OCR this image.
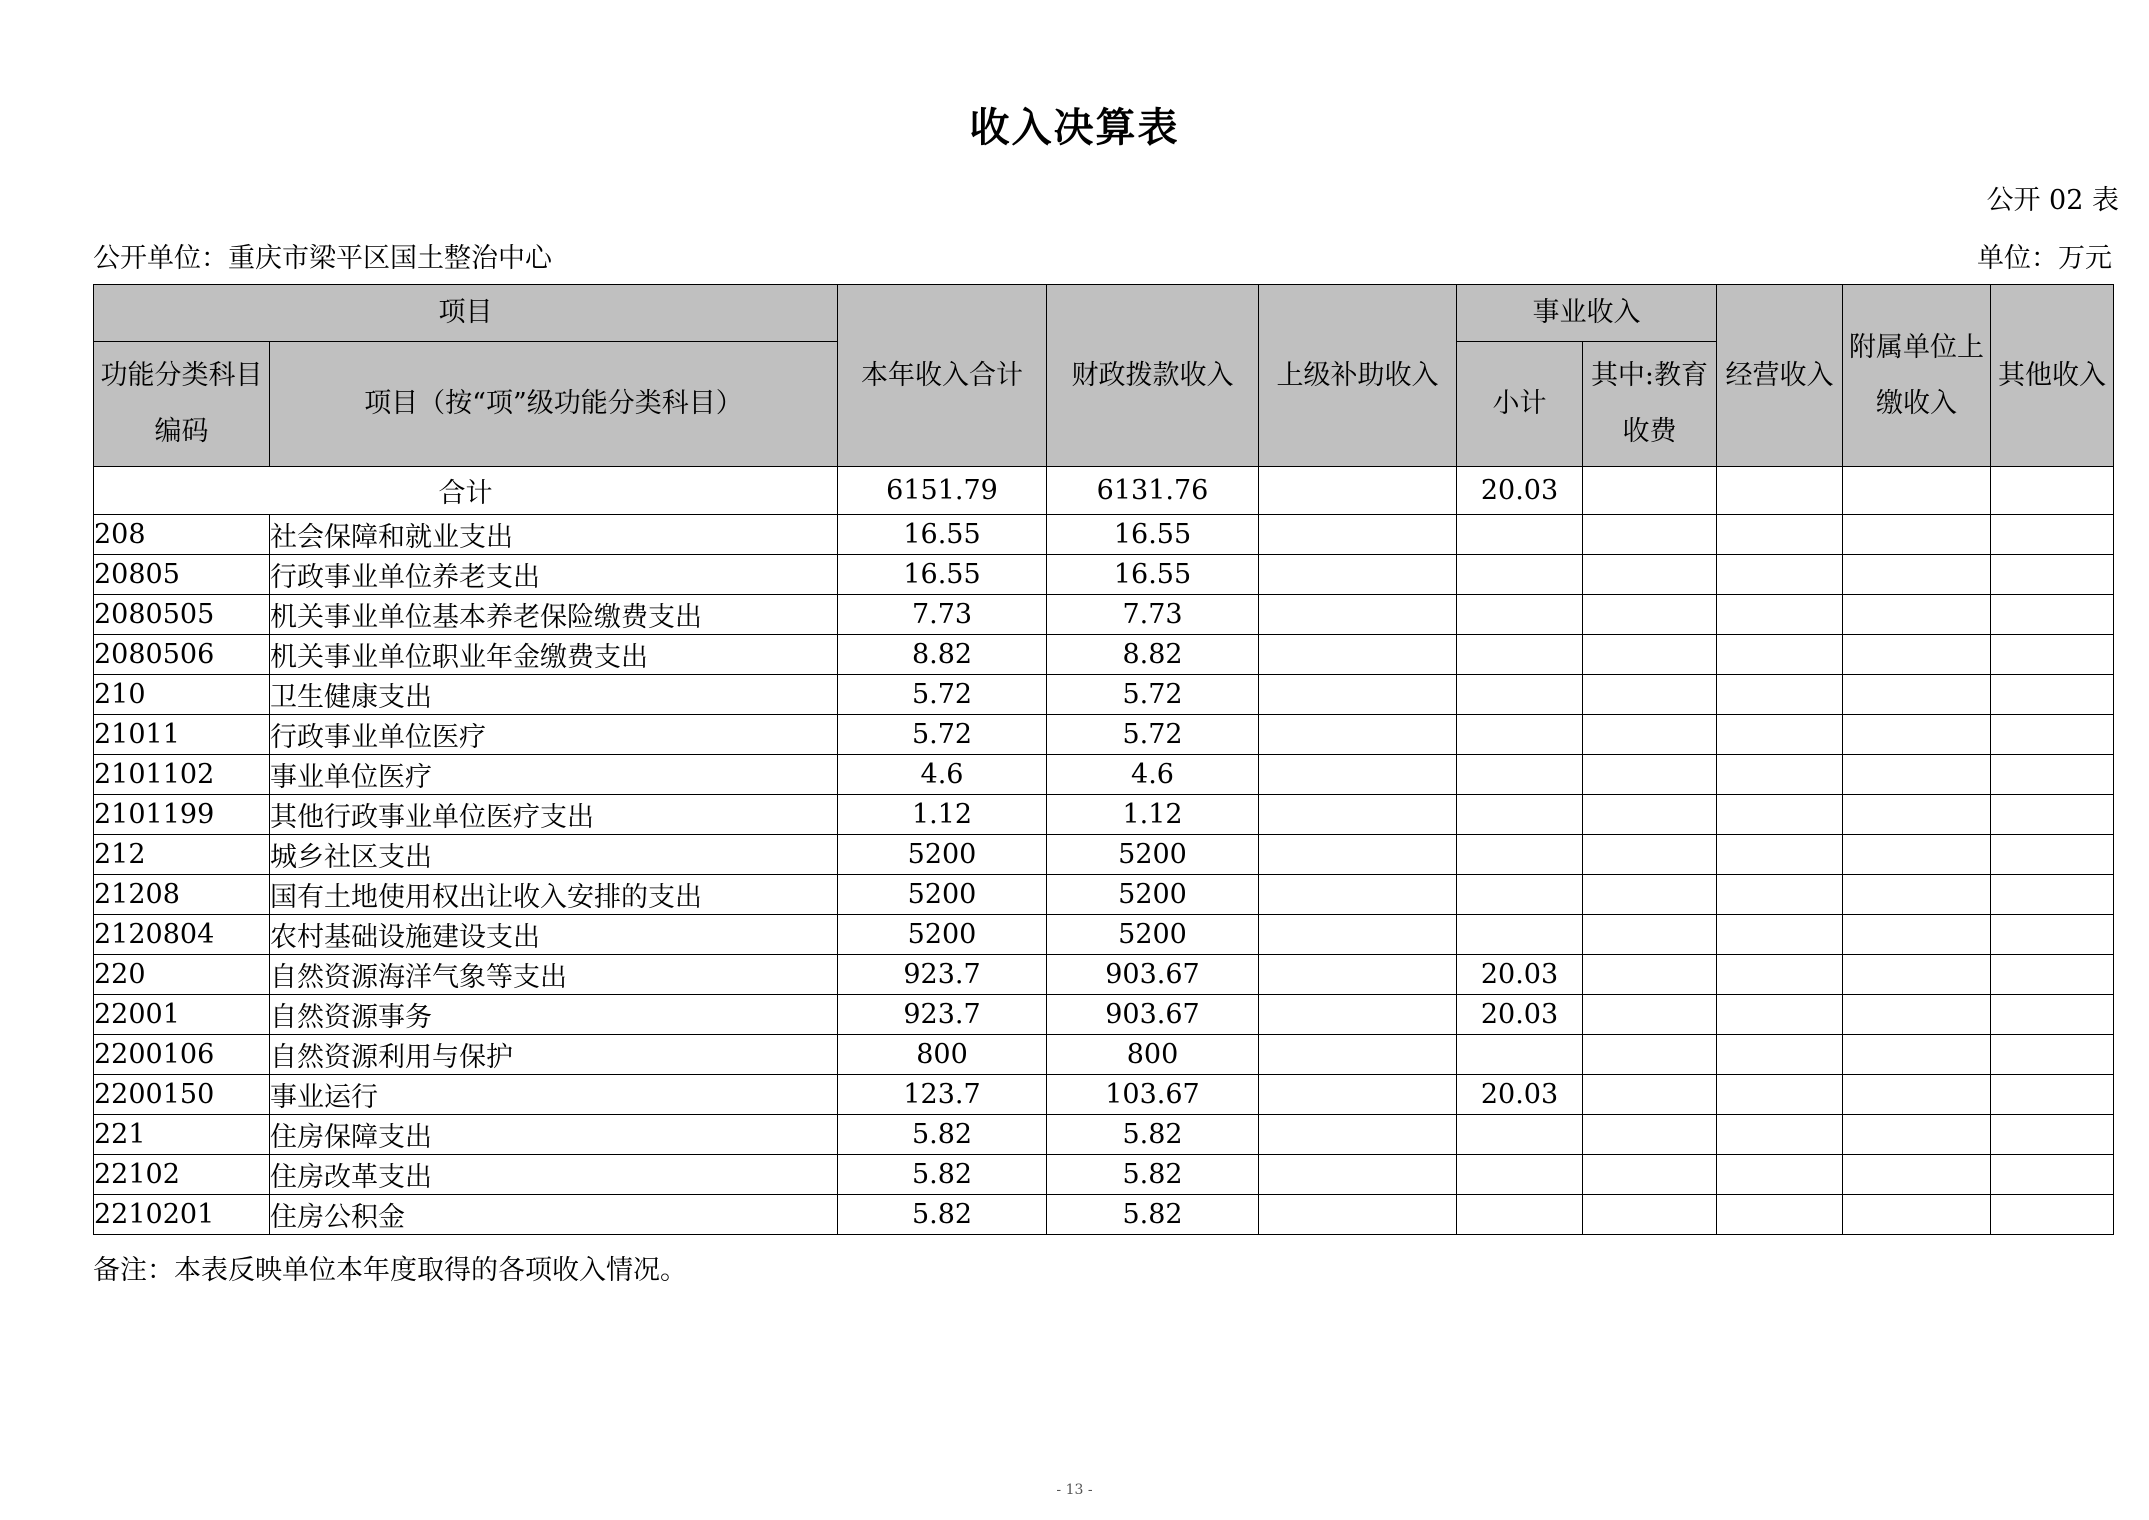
收入决算表
公开 02 表
公开单位：重庆市梁平区国土整治中心	单位：万元
项目		本年收入合计	财政拨款收入	上级补助收入	事业收入		经营收入	附属单位上缴收入	其他收入
功能分类科目编码	项目（按“项”级功能分类科目）				小计	其中:教育收费			
合计		6151.79	6131.76		20.03				
208	社会保障和就业支出	16.55	16.55						
20805	行政事业单位养老支出	16.55	16.55						
2080505	机关事业单位基本养老保险缴费支出	7.73	7.73						
2080506	机关事业单位职业年金缴费支出	8.82	8.82						
210	卫生健康支出	5.72	5.72						
21011	行政事业单位医疗	5.72	5.72						
2101102	事业单位医疗	4.6	4.6						
2101199	其他行政事业单位医疗支出	1.12	1.12						
212	城乡社区支出	5200	5200						
21208	国有土地使用权出让收入安排的支出	5200	5200						
2120804	农村基础设施建设支出	5200	5200						
220	自然资源海洋气象等支出	923.7	903.67		20.03				
22001	自然资源事务	923.7	903.67		20.03				
2200106	自然资源利用与保护	800	800						
2200150	事业运行	123.7	103.67		20.03				
221	住房保障支出	5.82	5.82						
22102	住房改革支出	5.82	5.82						
2210201	住房公积金	5.82	5.82						
备注：本表反映单位本年度取得的各项收入情况。
- 13 -
